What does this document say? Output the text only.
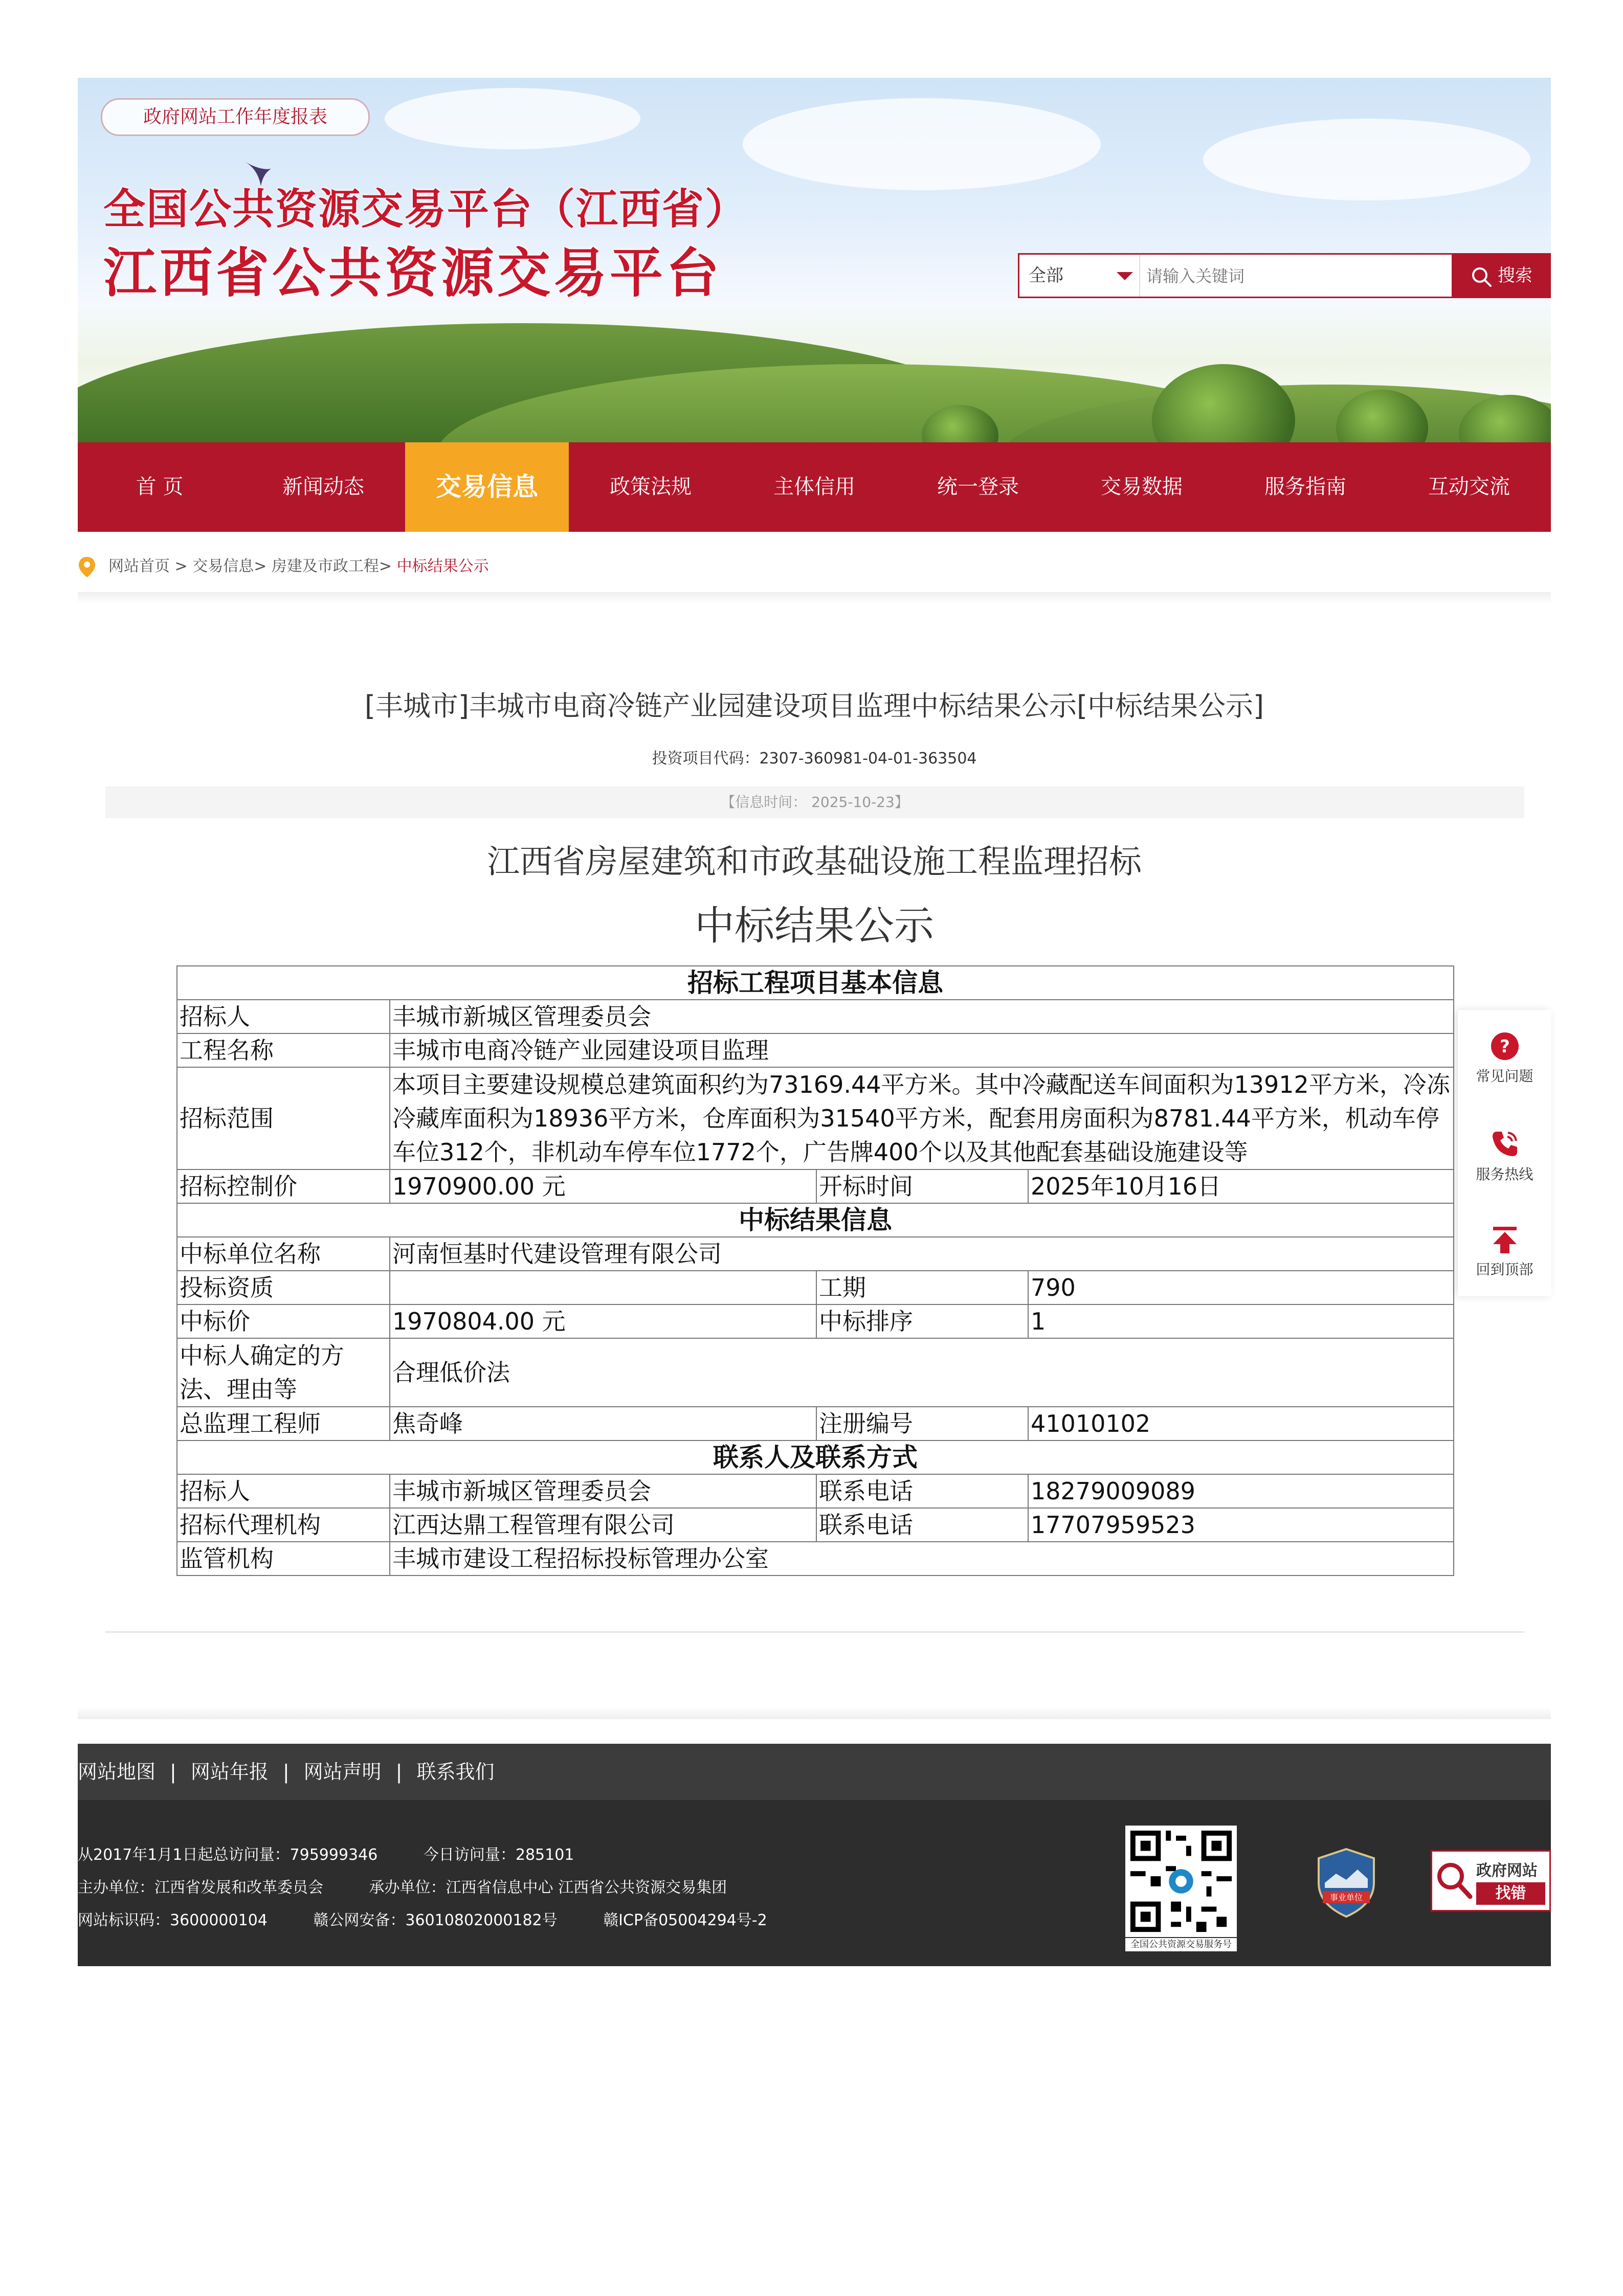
政府网站工作年度报表
全国公共资源交易平台（江西省）
江西省公共资源交易平台	全部
请输入关键词	搜索
首 页	新闻动态	交易信息	政策法规	主体信用	统一登录	交易数据	服务指南	互动交流
网站首页 > 交易信息> 房建及市政工程> 中标结果公示
[丰城市]丰城市电商冷链产业园建设项目监理中标结果公示[中标结果公示]
投资项目代码：2307-360981-04-01-363504
【信息时间： 2025-10-23】
江西省房屋建筑和市政基础设施工程监理招标
中标结果公示
招标工程项目基本信息			
招标人	丰城市新城区管理委员会		
工程名称	丰城市电商冷链产业园建设项目监理		
招标范围	本项目主要建设规模总建筑面积约为73169.44平方米。其中冷藏配送车间面积为13912平方米，冷冻冷藏库面积为18936平方米，仓库面积为31540平方米，配套用房面积为8781.44平方米，机动车停车位312个，非机动车停车位1772个，广告牌400个以及其他配套基础设施建设等		
招标控制价	1970900.00 元	开标时间	2025年10月16日
中标结果信息			
中标单位名称	河南恒基时代建设管理有限公司		
投标资质		工期	790
中标价	1970804.00 元	中标排序	1
中标人确定的方法、理由等	合理低价法		
总监理工程师	焦奇峰	注册编号	41010102
联系人及联系方式			
招标人	丰城市新城区管理委员会	联系电话	18279009089
招标代理机构	江西达鼎工程管理有限公司	联系电话	17707959523
监管机构	丰城市建设工程招标投标管理办公室		
?
常见问题
服务热线
回到顶部
网站地图 | 网站年报 | 网站声明 | 联系我们
从2017年1月1日起总访问量：795999346	今日访问量：285101
主办单位：江西省发展和改革委员会	承办单位：江西省信息中心 江西省公共资源交易集团
网站标识码：3600000104	赣公网安备：36010802000182号	赣ICP备05004294号-2
全国公共资源交易服务号
事业单位
政府网站
找错
